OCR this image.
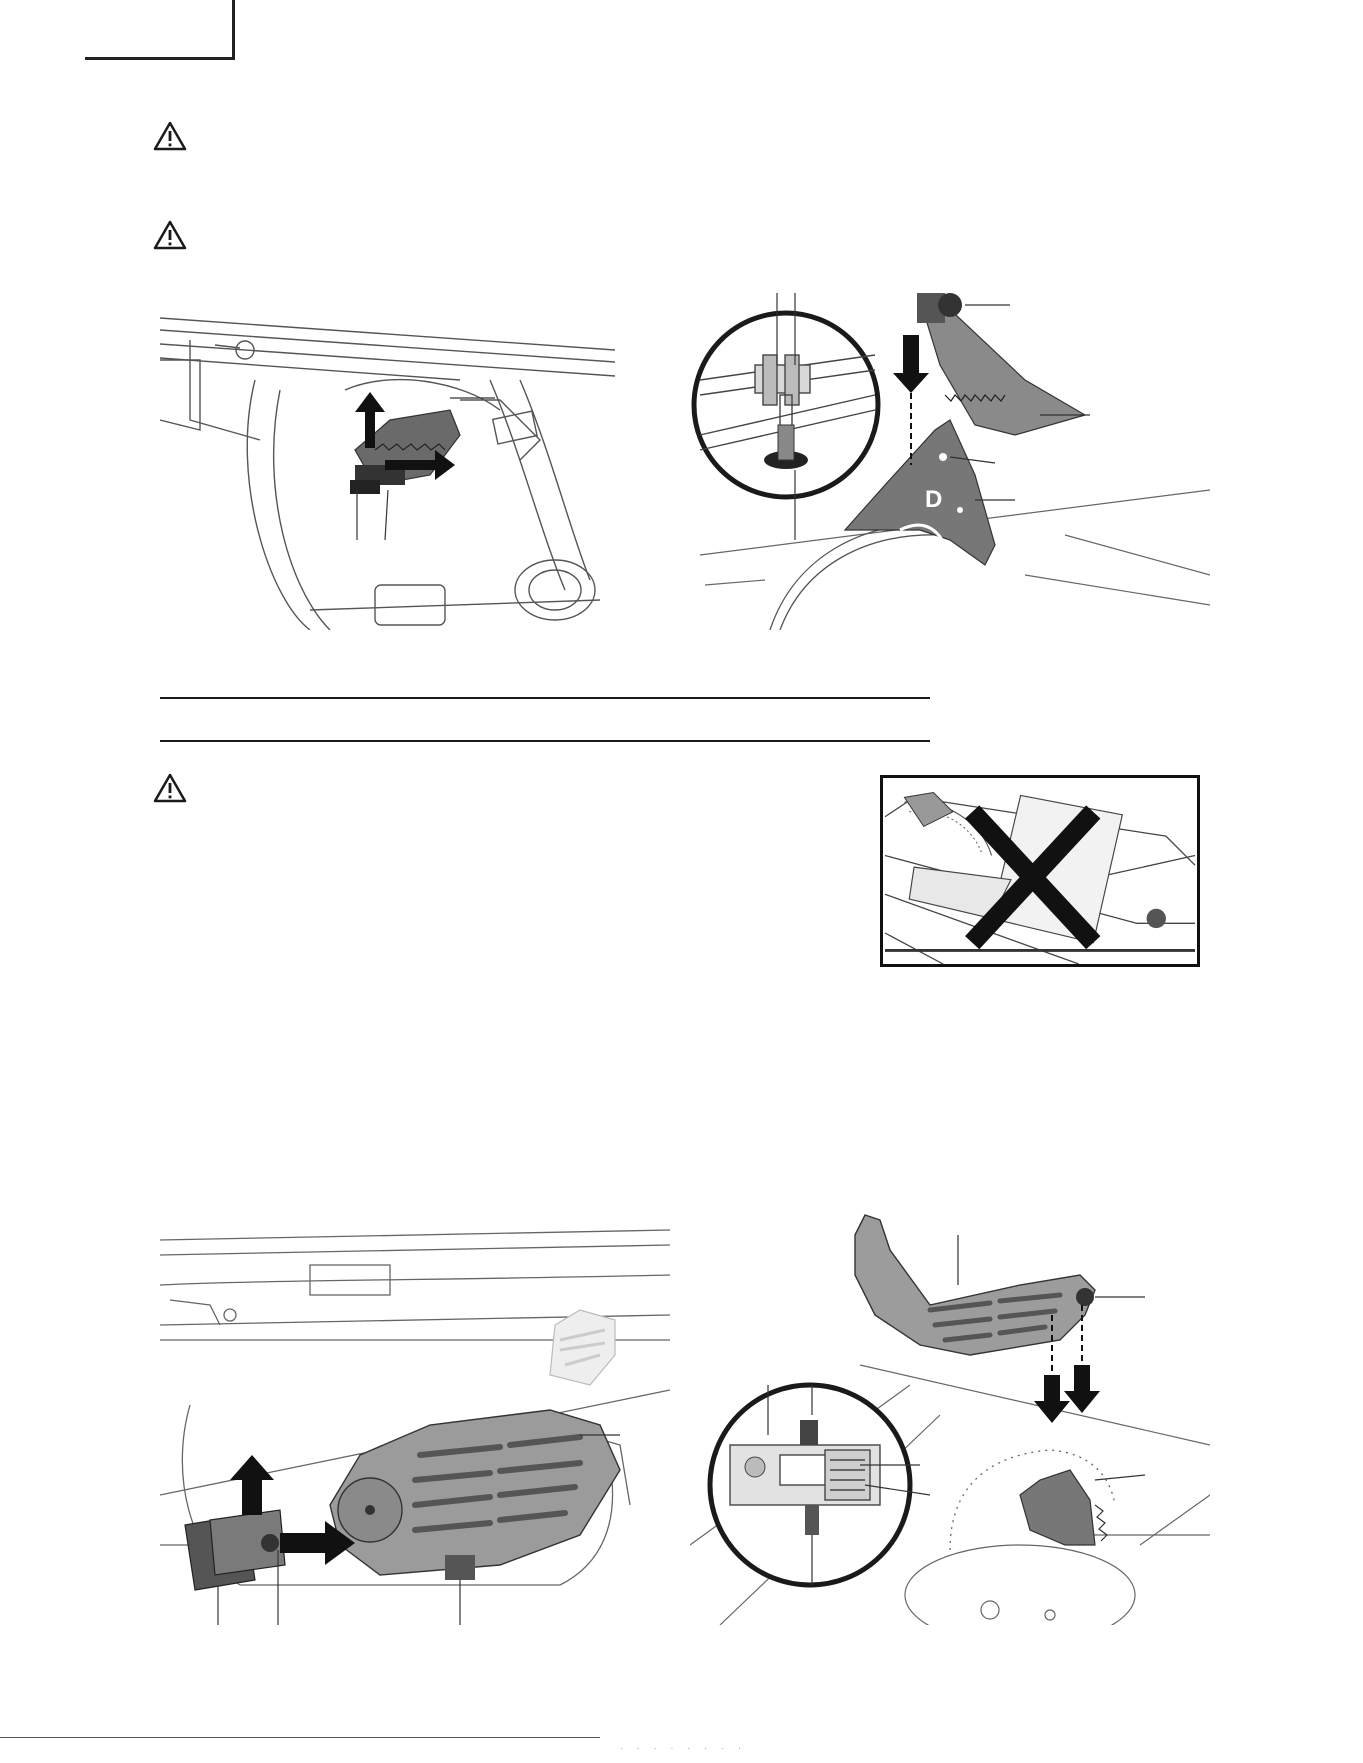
D
· · · · · · · ·
